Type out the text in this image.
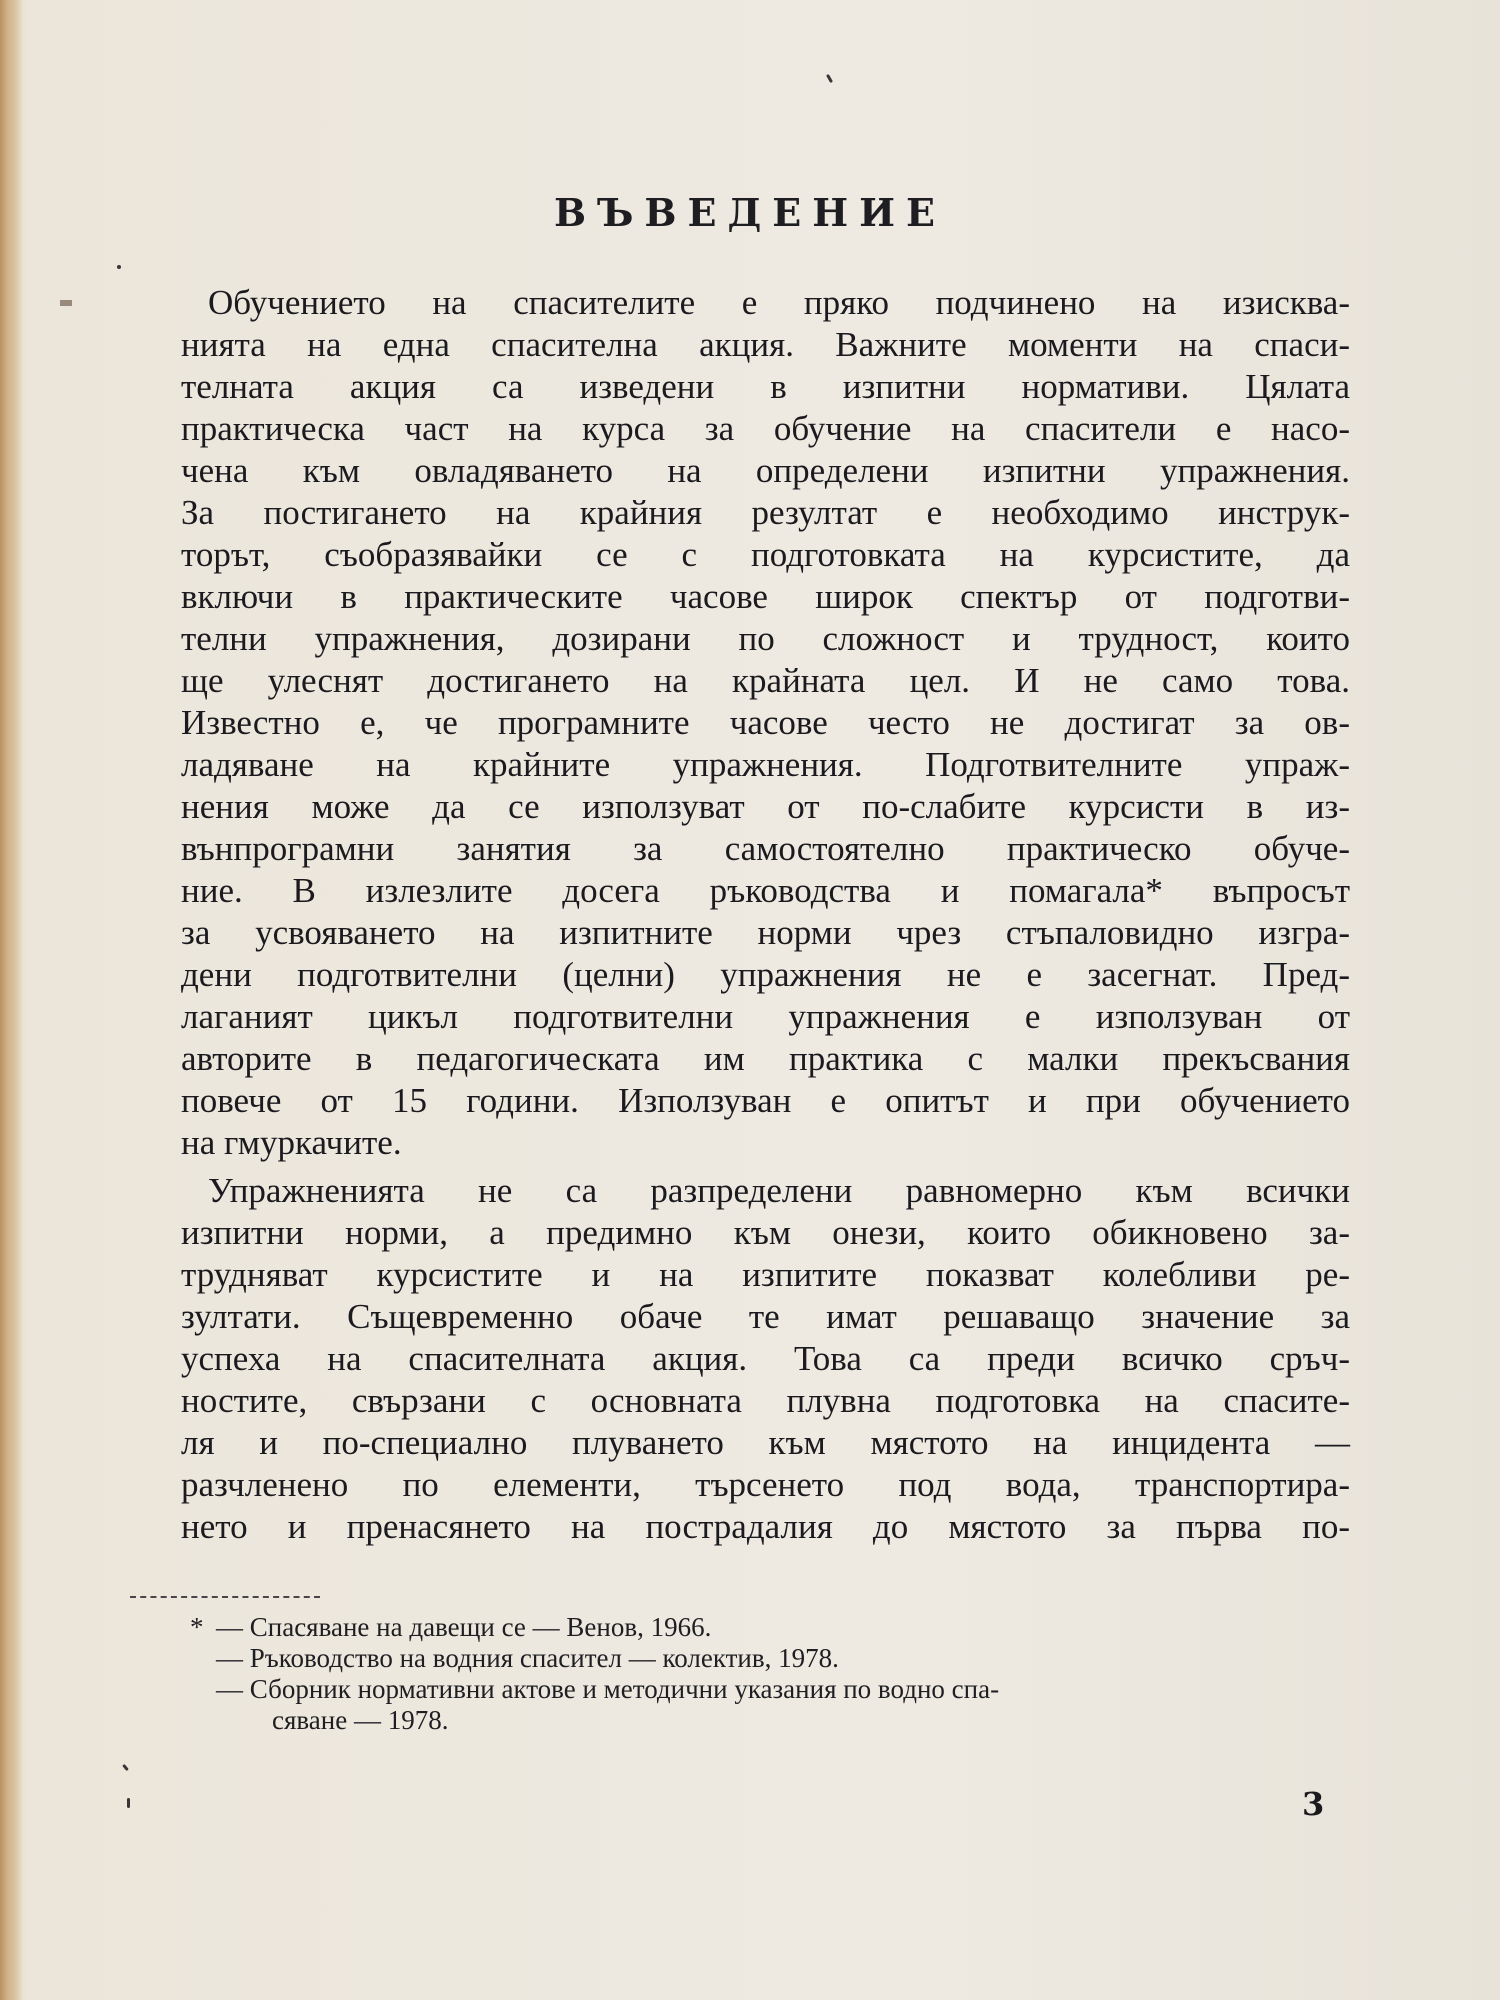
ВЪВЕДЕНИЕ

Обучението на спасителите е пряко подчинено на изисква-
нията на една спасителна акция. Важните моменти на спаси-
телната акция са изведени в изпитни нормативи. Цялата
практическа част на курса за обучение на спасители е насо-
чена към овладяването на определени изпитни упражнения.
За постигането на крайния резултат е необходимо инструк-
торът, съобразявайки се с подготовката на курсистите, да
включи в практическите часове широк спектър от подготви-
телни упражнения, дозирани по сложност и трудност, които
ще улеснят достигането на крайната цел. И не само това.
Известно е, че програмните часове често не достигат за ов-
ладяване на крайните упражнения. Подготвителните упраж-
нения може да се използуват от по-слабите курсисти в из-
вънпрограмни занятия за самостоятелно практическо обуче-
ние. В излезлите досега ръководства и помагала* въпросът
за усвояването на изпитните норми чрез стъпаловидно изгра-
дени подготвителни (целни) упражнения не е засегнат. Пред-
лаганият цикъл подготвителни упражнения е използуван от
авторите в педагогическата им практика с малки прекъсвания
повече от 15 години. Използуван е опитът и при обучението
на гмуркачите.

Упражненията не са разпределени равномерно към всички
изпитни норми, а предимно към онези, които обикновено за-
трудняват курсистите и на изпитите показват колебливи ре-
зултати. Същевременно обаче те имат решаващо значение за
успеха на спасителната акция. Това са преди всичко сръч-
ностите, свързани с основната плувна подготовка на спасите-
ля и по-специално плуването към мястото на инцидента —
разчленено по елементи, търсенето под вода, транспортира-
нето и пренасянето на пострадалия до мястото за първа по-

* — Спасяване на давещи се — Венов, 1966.
— Ръководство на водния спасител — колектив, 1978.
— Сборник нормативни актове и методични указания по водно спа-
сяване — 1978.
3
